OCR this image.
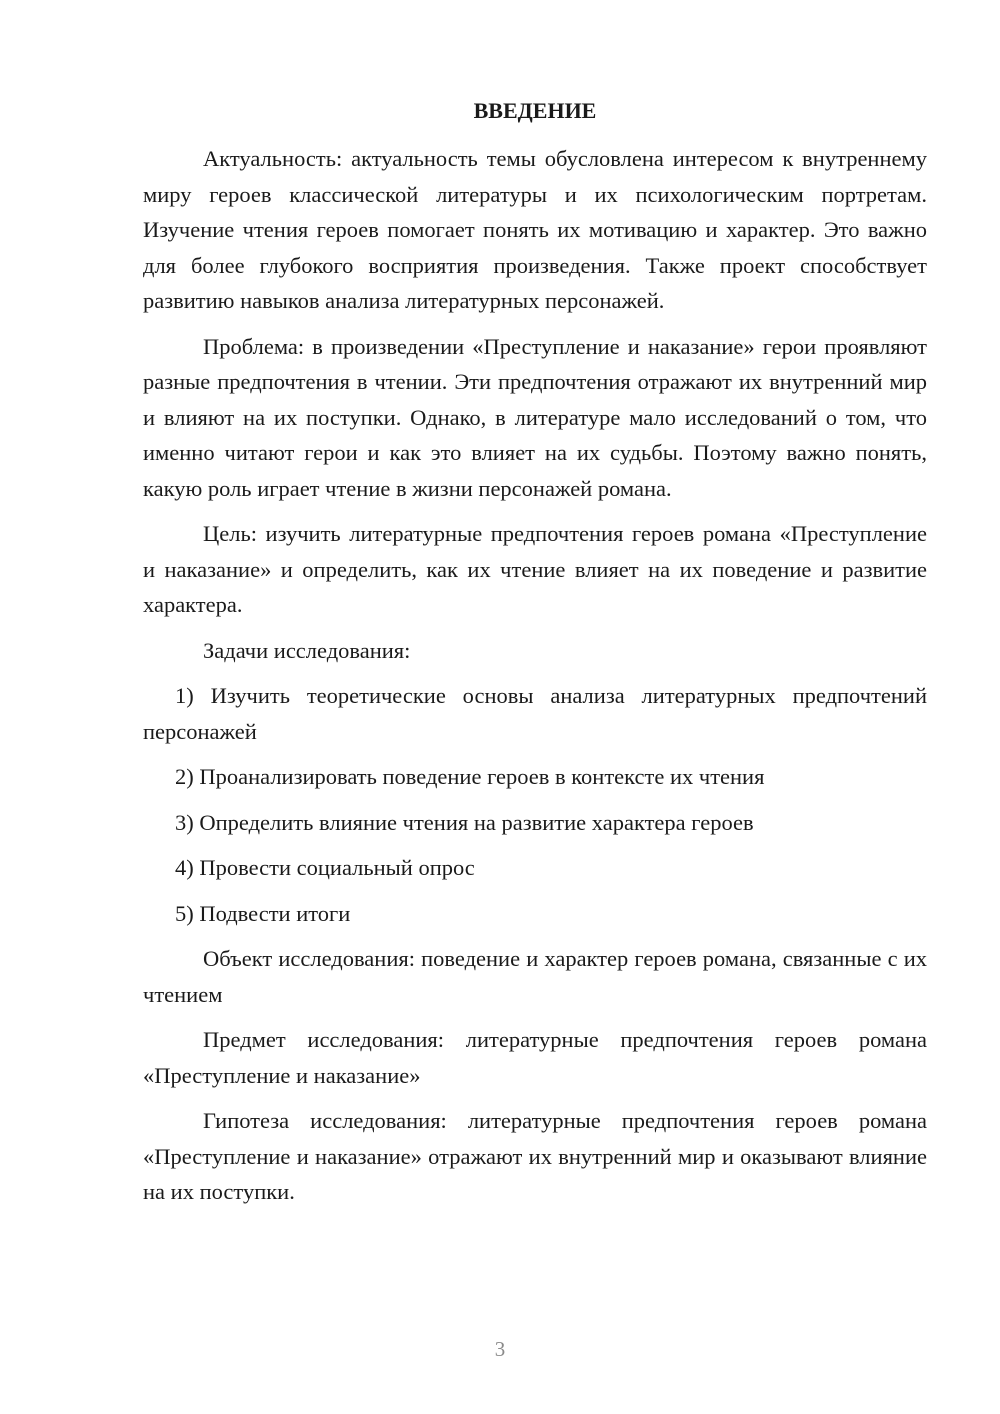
ВВЕДЕНИЕ

Актуальность: актуальность темы обусловлена интересом к внутреннему миру героев классической литературы и их психологическим портретам. Изучение чтения героев помогает понять их мотивацию и характер. Это важно для более глубокого восприятия произведения. Также проект способствует развитию навыков анализа литературных персонажей.

Проблема: в произведении «Преступление и наказание» герои проявляют разные предпочтения в чтении. Эти предпочтения отражают их внутренний мир и влияют на их поступки. Однако, в литературе мало исследований о том, что именно читают герои и как это влияет на их судьбы. Поэтому важно понять, какую роль играет чтение в жизни персонажей романа.

Цель: изучить литературные предпочтения героев романа «Преступление и наказание» и определить, как их чтение влияет на их поведение и развитие характера.

Задачи исследования:

1) Изучить теоретические основы анализа литературных предпочтений персонажей

2) Проанализировать поведение героев в контексте их чтения

3) Определить влияние чтения на развитие характера героев

4) Провести социальный опрос

5) Подвести итоги

Объект исследования: поведение и характер героев романа, связанные с их чтением

Предмет исследования: литературные предпочтения героев романа «Преступление и наказание»

Гипотеза исследования: литературные предпочтения героев романа «Преступление и наказание» отражают их внутренний мир и оказывают влияние на их поступки.

3
